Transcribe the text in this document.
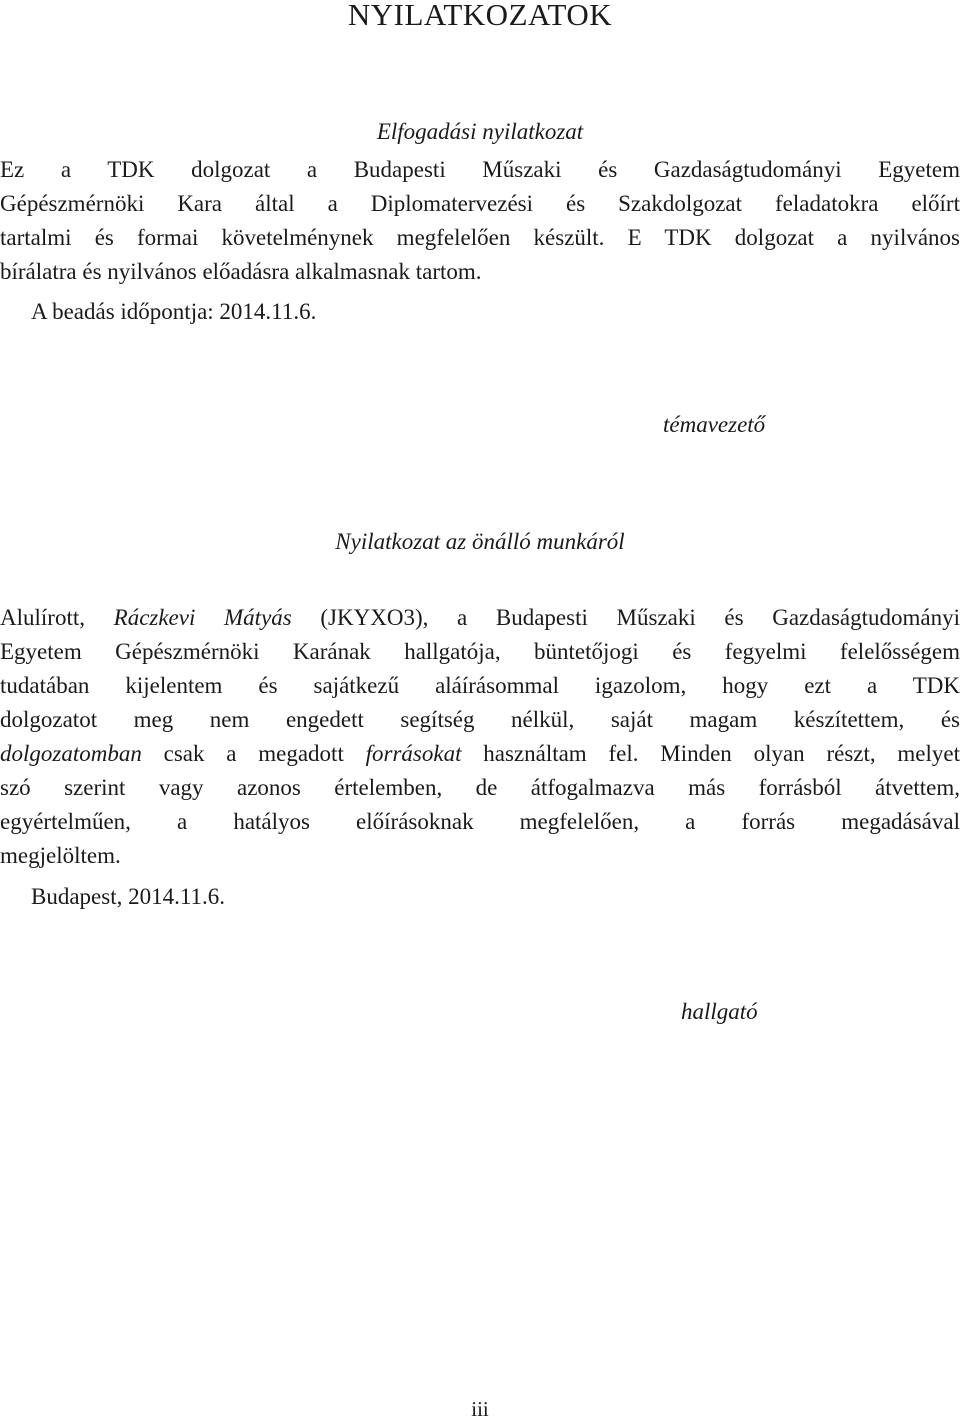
NYILATKOZATOK
Elfogadási nyilatkozat
Ez a TDK dolgozat a Budapesti Műszaki és Gazdaságtudományi Egyetem
Gépészmérnöki Kara által a Diplomatervezési és Szakdolgozat feladatokra előírt
tartalmi és formai követelménynek megfelelően készült. E TDK dolgozat a nyilvános
bírálatra és nyilvános előadásra alkalmasnak tartom.
A beadás időpontja: 2014.11.6.
témavezető
Nyilatkozat az önálló munkáról
Alulírott, Ráczkevi Mátyás (JKYXO3), a Budapesti Műszaki és Gazdaságtudományi
Egyetem Gépészmérnöki Karának hallgatója, büntetőjogi és fegyelmi felelősségem
tudatában kijelentem és sajátkezű aláírásommal igazolom, hogy ezt a TDK
dolgozatot meg nem engedett segítség nélkül, saját magam készítettem, és
dolgozatomban csak a megadott forrásokat használtam fel. Minden olyan részt, melyet
szó szerint vagy azonos értelemben, de átfogalmazva más forrásból átvettem,
egyértelműen, a hatályos előírásoknak megfelelően, a forrás megadásával
megjelöltem.
Budapest, 2014.11.6.
hallgató
iii
